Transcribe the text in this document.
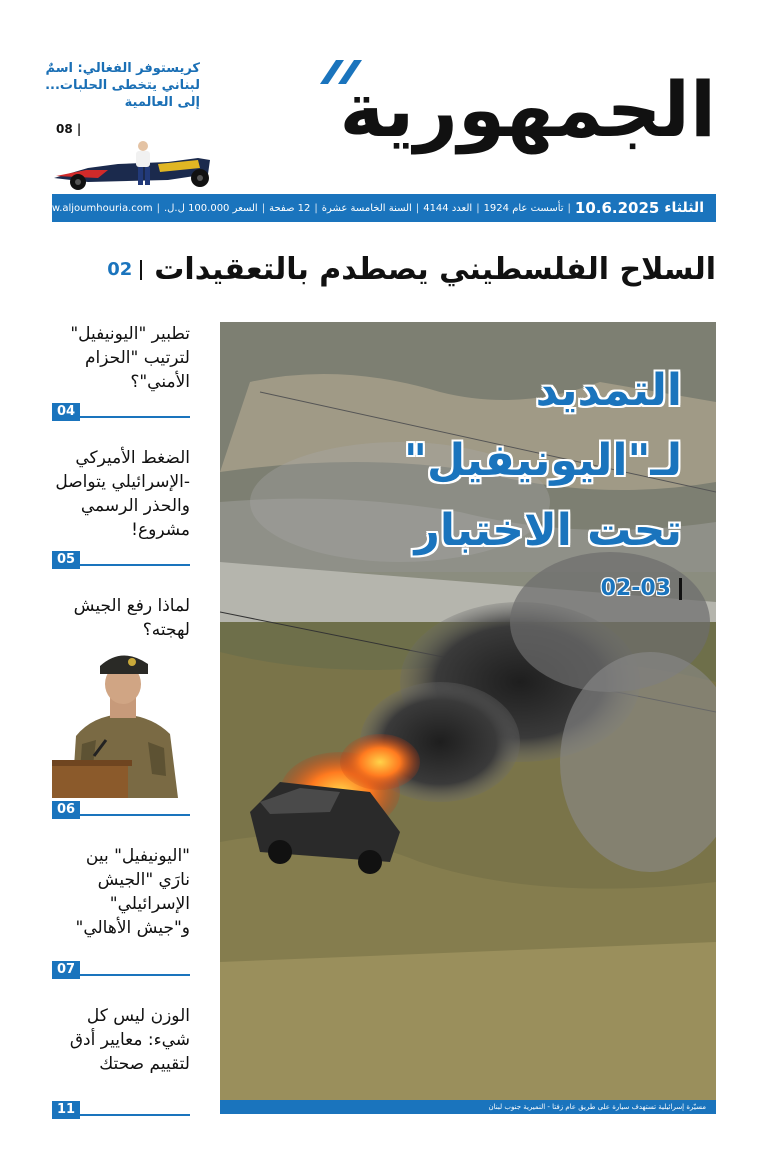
الجمهورية
كريستوفر الفغالي: اسمٌ لبناني يتخطى الحلبات... إلى العالمية
08 |
الثلثاء
10.6.2025
|
تأسست عام 1924
|
العدد 4144
|
السنة الخامسة عشرة
|
12 صفحة
|
السعر 100.000 ل.ل.
|
www.aljoumhouria.com
السلاح الفلسطيني يصطدم بالتعقيدات
02
تطبير "اليونيفيل" لترتيب "الحزام الأمني"؟
04
الضغط الأميركي -الإسرائيلي يتواصل والحذر الرسمي مشروع!
05
لماذا رفع الجيش لهجته؟
06
"اليونيفيل" بين نارَي "الجيش الإسرائيلي" و"جيش الأهالي"
07
الوزن ليس كل شيء: معايير أدق لتقييم صحتك
11
التمديد
لـ"اليونيفيل"
تحت الاختبار
02-03
مسيّرة إسرائيلية تستهدف سيارة على طريق عام زفتا - النميرية جنوب لبنان
